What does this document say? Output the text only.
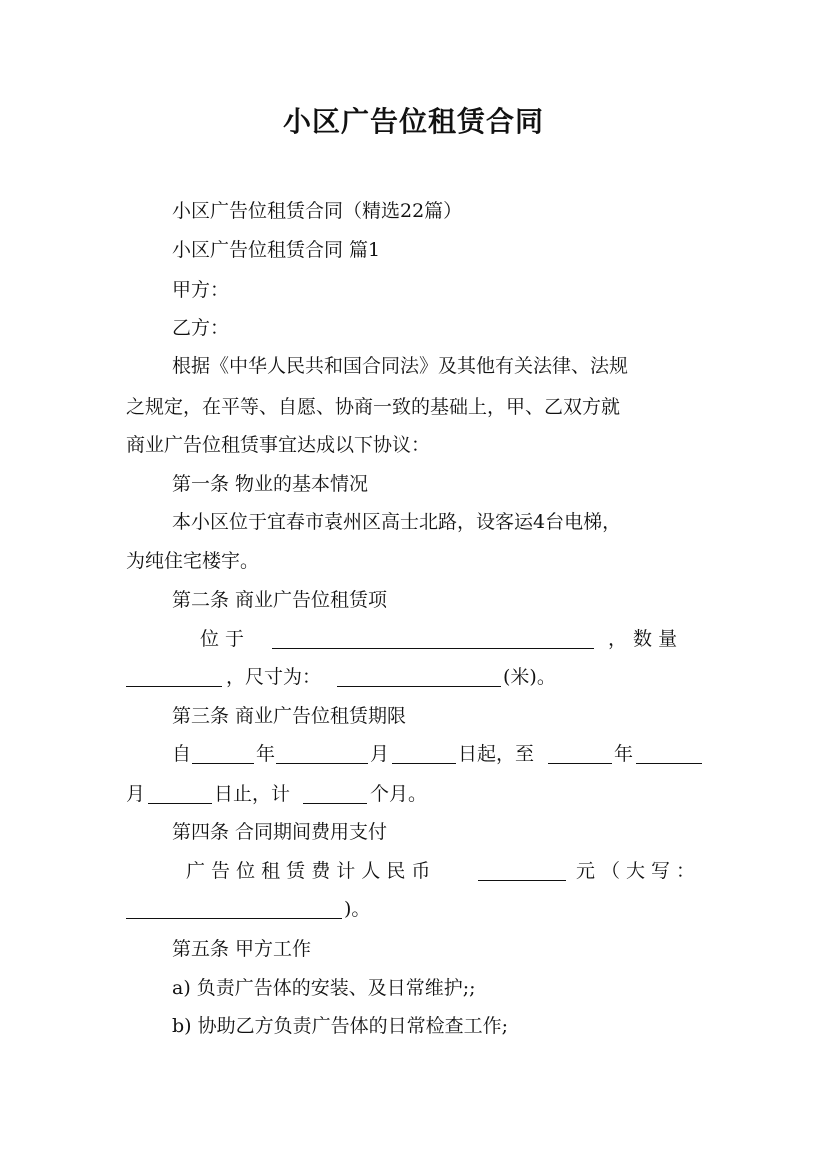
小区广告位租赁合同
小区广告位租赁合同（精选22篇）
小区广告位租赁合同 篇1
甲方：
乙方：
根据《中华人民共和国合同法》及其他有关法律、法规
之规定，在平等、自愿、协商一致的基础上，甲、乙双方就
商业广告位租赁事宜达成以下协议：
第一条 物业的基本情况
本小区位于宜春市袁州区高士北路，设客运4台电梯，
为纯住宅楼宇。
第二条 商业广告位租赁项
位 于	， 数 量
，尺寸为：	(米)。
第三条 商业广告位租赁期限
自	年	月	日起，至	年
月	日止，计	个月。
第四条 合同期间费用支付
广 告 位 租 赁 费 计 人 民 币	元（大写：
)。
第五条 甲方工作
a) 负责广告体的安装、及日常维护;;
b) 协助乙方负责广告体的日常检查工作;
